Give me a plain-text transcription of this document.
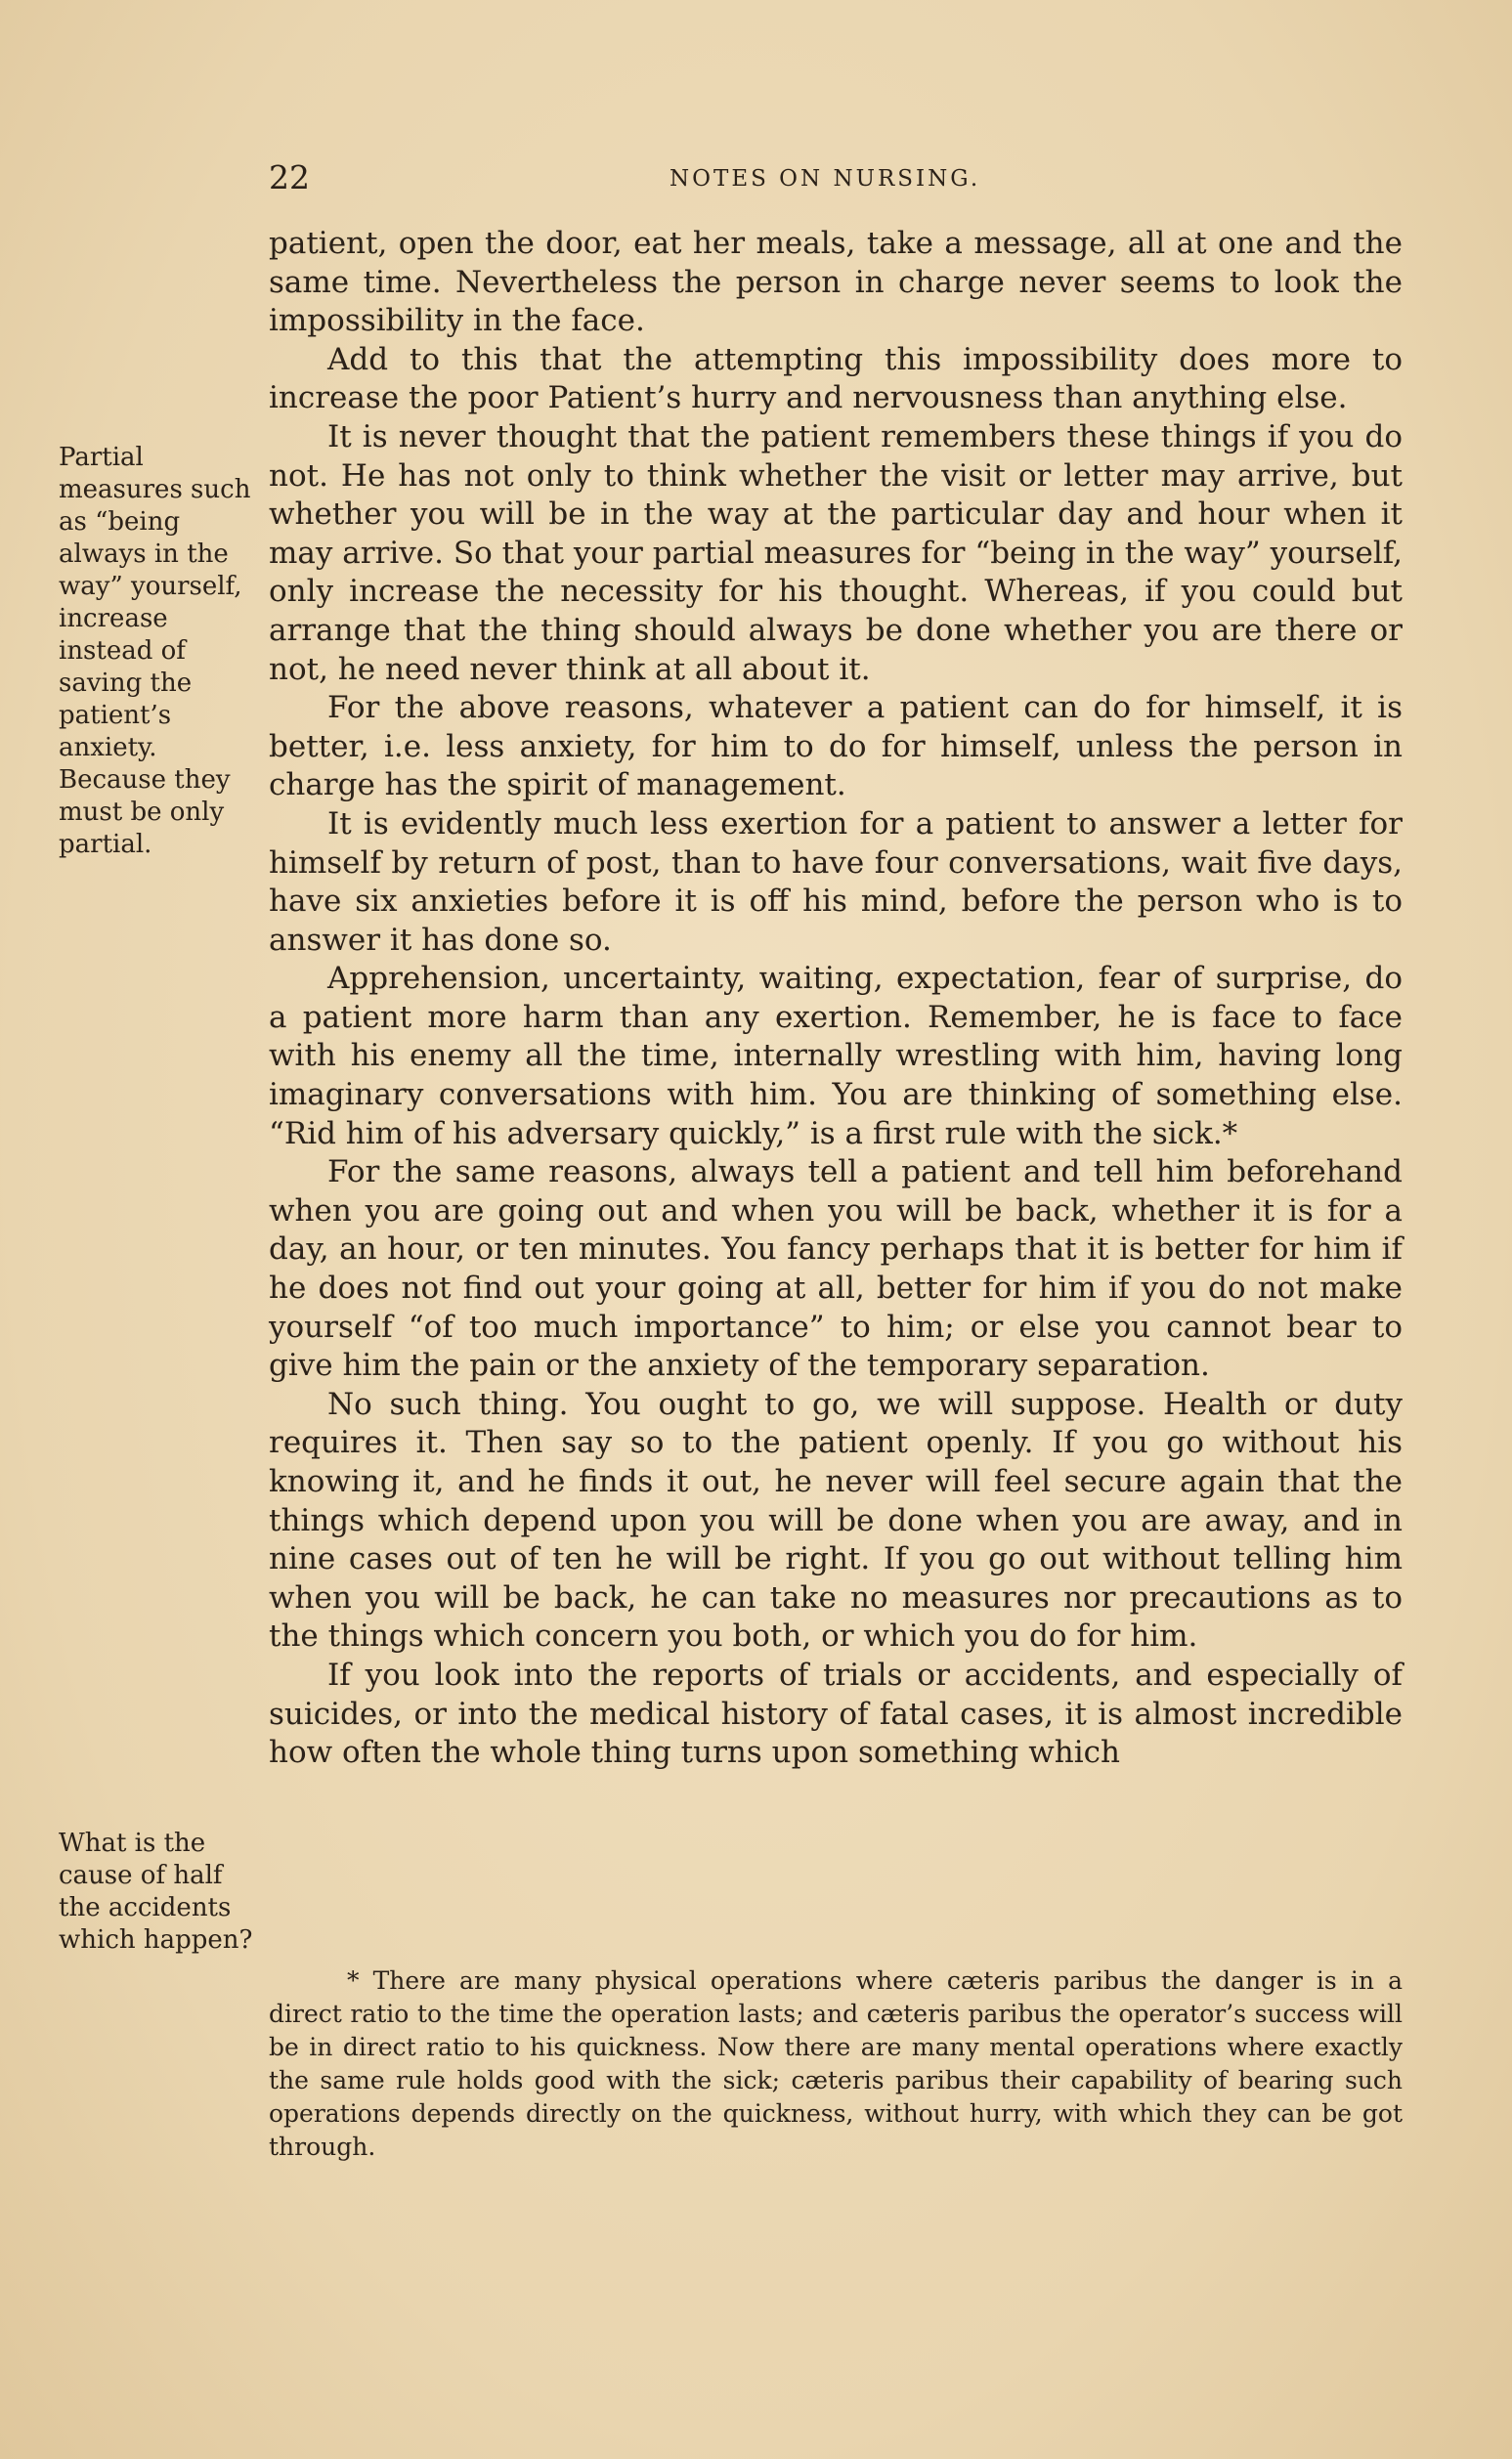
22	NOTES ON NURSING.
Partial measures such as “being always in the way” yourself, increase instead of saving the patient’s anxiety. Because they must be only partial.
What is the cause of half the accidents which happen?

patient, open the door, eat her meals, take a message, all at one and the same time. Nevertheless the person in charge never seems to look the impossibility in the face.

Add to this that the attempting this impossibility does more to increase the poor Patient’s hurry and nervousness than anything else.

It is never thought that the patient remembers these things if you do not. He has not only to think whether the visit or letter may arrive, but whether you will be in the way at the particular day and hour when it may arrive. So that your partial measures for “being in the way” yourself, only increase the necessity for his thought. Whereas, if you could but arrange that the thing should always be done whether you are there or not, he need never think at all about it.

For the above reasons, whatever a patient can do for himself, it is better, i.e. less anxiety, for him to do for himself, unless the person in charge has the spirit of management.

It is evidently much less exertion for a patient to answer a letter for himself by return of post, than to have four conversations, wait five days, have six anxieties before it is off his mind, before the person who is to answer it has done so.

Apprehension, uncertainty, waiting, expectation, fear of surprise, do a patient more harm than any exertion. Remember, he is face to face with his enemy all the time, internally wrestling with him, having long imaginary conversations with him. You are thinking of something else. “Rid him of his adversary quickly,” is a first rule with the sick.*

For the same reasons, always tell a patient and tell him beforehand when you are going out and when you will be back, whether it is for a day, an hour, or ten minutes. You fancy perhaps that it is better for him if he does not find out your going at all, better for him if you do not make yourself “of too much importance” to him; or else you cannot bear to give him the pain or the anxiety of the temporary separation.

No such thing. You ought to go, we will suppose. Health or duty requires it. Then say so to the patient openly. If you go without his knowing it, and he finds it out, he never will feel secure again that the things which depend upon you will be done when you are away, and in nine cases out of ten he will be right. If you go out without telling him when you will be back, he can take no measures nor precautions as to the things which concern you both, or which you do for him.

If you look into the reports of trials or accidents, and especially of suicides, or into the medical history of fatal cases, it is almost incredible how often the whole thing turns upon something which

* There are many physical operations where cæteris paribus the danger is in a direct ratio to the time the operation lasts; and cæteris paribus the operator’s success will be in direct ratio to his quickness. Now there are many mental operations where exactly the same rule holds good with the sick; cæteris paribus their capability of bearing such operations depends directly on the quickness, without hurry, with which they can be got through.
